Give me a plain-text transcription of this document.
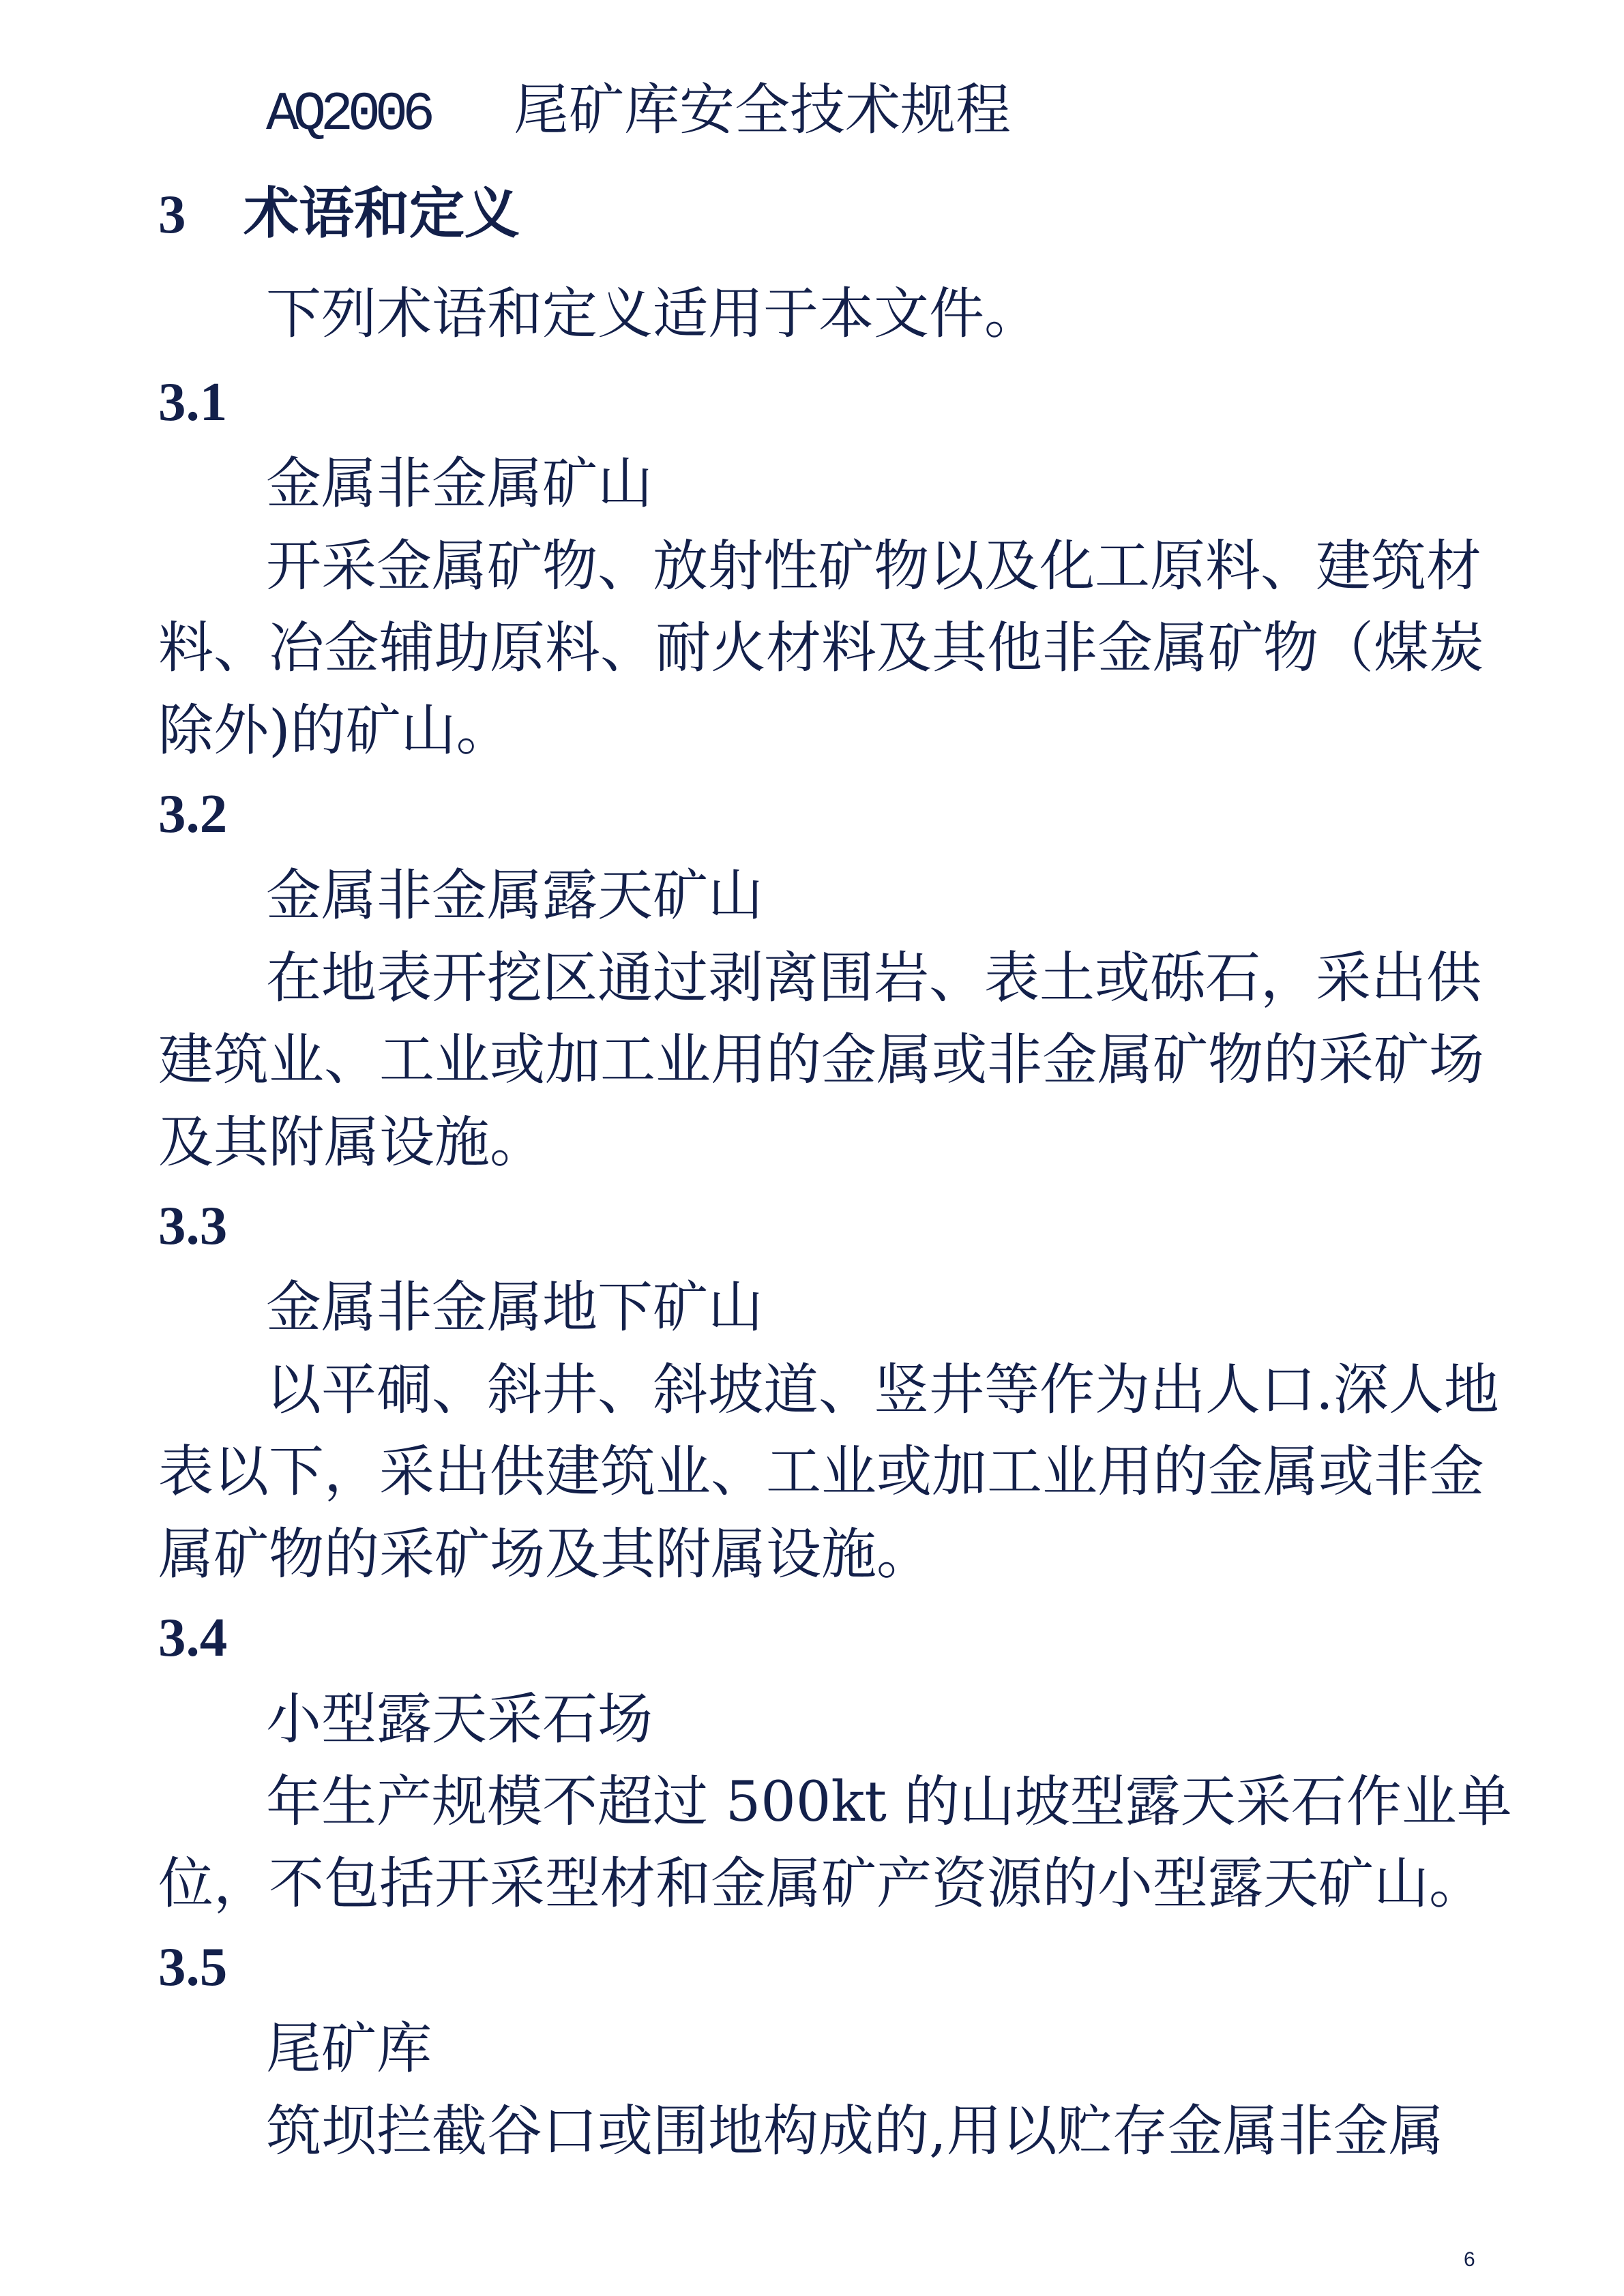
AQ2006 尾矿库安全技术规程
3 术语和定义
下列术语和定义适用于本文件。
3.1
金属非金属矿山
开采金属矿物、放射性矿物以及化工原料、建筑材
料、冶金辅助原料、耐火材料及其他非金属矿物（煤炭
除外)的矿山。
3.2
金属非金属露天矿山
在地表开挖区通过剥离围岩、表土或砾石，采出供
建筑业、工业或加工业用的金属或非金属矿物的采矿场
及其附属设施。
3.3
金属非金属地下矿山
以平硐、斜井、斜坡道、竖井等作为出人口.深人地
表以下，采出供建筑业、工业或加工业用的金属或非金
属矿物的采矿场及其附属设施。
3.4
小型露天采石场
年生产规模不超过 500kt 的山坡型露天采石作业单
位，不包括开采型材和金属矿产资源的小型露天矿山。
3.5
尾矿库
筑坝拦截谷口或围地构成的,用以贮存金属非金属
6
